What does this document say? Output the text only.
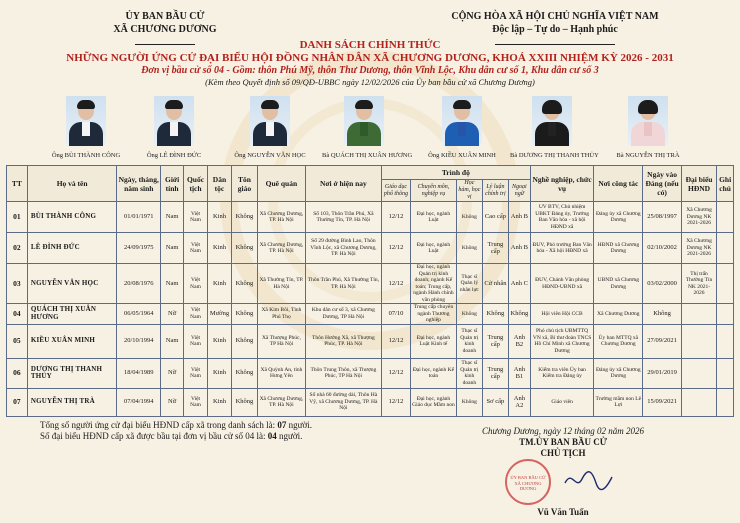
ỦY BAN BẦU CỬ
XÃ CHƯƠNG DƯƠNG
CỘNG HÒA XÃ HỘI CHỦ NGHĨA VIỆT NAM
Độc lập – Tự do – Hạnh phúc
DANH SÁCH CHÍNH THỨC
NHỮNG NGƯỜI ỨNG CỬ ĐẠI BIỂU HỘI ĐỒNG NHÂN DÂN XÃ CHƯƠNG DƯƠNG, KHOÁ XXIII NHIỆM KỲ 2026 - 2031
Đơn vị bầu cử số 04 - Gồm: thôn Phú Mỹ, thôn Thư Dương, thôn Vĩnh Lộc, Khu dân cư số 1, Khu dân cư số 3
(Kèm theo Quyết định số 09/QĐ-UBBC ngày 12/02/2026 của Ủy ban bầu cử xã Chương Dương)
Ông BÙI THÀNH CÔNG	Ông LÊ ĐÌNH ĐỨC	Ông NGUYỄN VĂN HỌC	Bà QUÁCH THỊ XUÂN HƯƠNG	Ông KIỀU XUÂN MINH	Bà DƯƠNG THỊ THANH THỦY	Bà NGUYỄN THỊ TRÀ
TT	Họ và tên	Ngày, tháng, năm sinh	Giới tính	Quốc tịch	Dân tộc	Tôn giáo	Quê quán	Nơi ở hiện nay	Trình độ					Nghề nghiệp, chức vụ	Nơi công tác	Ngày vào Đảng (nếu có)	Đại biểu HĐND	Ghi chú
									Giáo dục phổ thông	Chuyên môn, nghiệp vụ	Học hàm, học vị	Lý luận chính trị	Ngoại ngữ					
01	BÙI THÀNH CÔNG	01/01/1971	Nam	Việt Nam	Kinh	Không	Xã Chương Dương, TP. Hà Nội	Số 103, Thôn Trần Phú, Xã Thường Tín, TP. Hà Nội	12/12	Đại học, ngành Luật	Không	Cao cấp	Anh B	UV BTV, Chủ nhiệm UBKT Đảng ủy, Trưởng Ban Văn hóa - xã hội HĐND xã	Đảng ủy xã Chương Dương	25/08/1997	Xã Chương Dương NK 2021-2026	
02	LÊ ĐÌNH ĐỨC	24/09/1975	Nam	Việt Nam	Kinh	Không	Xã Chương Dương, TP. Hà Nội	Số 29 đường Bình Lao, Thôn Vĩnh Lộc, xã Chương Dương, TP. Hà Nội	12/12	Đại học, ngành Luật	Không	Trung cấp	Anh B	ĐUV, Phó trưởng Ban Văn hóa - Xã hội HĐND xã	HĐND xã Chương Dương	02/10/2002	Xã Chương Dương NK 2021-2026	
03	NGUYỄN VĂN HỌC	20/08/1976	Nam	Việt Nam	Kinh	Không	Xã Thường Tín, TP. Hà Nội	Thôn Trần Phú, Xã Thường Tín, TP. Hà Nội	12/12	Đại học, ngành Quản trị kinh doanh; ngành Kế toán; Trung cấp, ngành Hành chính văn phòng	Thạc sĩ Quản lý nhân lực	Cử nhân	Anh C	ĐUV, Chánh Văn phòng HĐND-UBND xã	UBND xã Chương Dương	03/02/2000	Thị trấn Thường Tín NK 2021-2026	
04	QUÁCH THỊ XUÂN HƯƠNG	06/05/1964	Nữ	Việt Nam	Mường	Không	Xã Kim Bôi, Tỉnh Phú Thọ	Khu dân cư số 3, xã Chương Dương, TP Hà Nội	07/10	Trung cấp chuyên ngành Thương nghiệp	Không	Không	Không	Hội viên Hội CCB	Xã Chương Dương	Không		
05	KIỀU XUÂN MINH	20/10/1994	Nam	Việt Nam	Kinh	Không	Xã Thượng Phúc, TP Hà Nội	Thôn Hưởng Xã, xã Thượng Phúc, TP. Hà Nội	12/12	Đại học, ngành Luật Kinh tế	Thạc sĩ Quản trị kinh doanh	Trung cấp	Anh B2	Phó chủ tịch UBMTTQ VN xã, Bí thư đoàn TNCS Hồ Chí Minh xã Chương Dương	Ủy ban MTTQ xã Chương Dương	27/09/2021		
06	DƯƠNG THỊ THANH THỦY	18/04/1989	Nữ	Việt Nam	Kinh	Không	Xã Quỳnh An, tỉnh Hưng Yên	Thôn Trung Thôn, xã Thượng Phúc, TP Hà Nội	12/12	Đại học, ngành Kế toán	Thạc sĩ Quản trị kinh doanh	Trung cấp	Anh B1	Kiểm tra viên Ủy ban Kiểm tra Đảng ủy	Đảng ủy xã Chương Dương	29/01/2019		
07	NGUYỄN THỊ TRÀ	07/04/1994	Nữ	Việt Nam	Kinh	Không	Xã Chương Dương, TP. Hà Nội	Số nhà 60 đường dài, Thôn Hà Vỹ, xã Chương Dương, TP. Hà Nội	12/12	Đại học, ngành Giáo dục Mầm non	Không	Sơ cấp	Anh A2	Giáo viên	Trường mầm non Lê Lợi	15/09/2021		
Tổng số người ứng cử đại biểu HĐND cấp xã trong danh sách là: 07 người.
Số đại biểu HĐND cấp xã được bầu tại đơn vị bầu cử số 04 là: 04 người.	Chương Dương, ngày 12 tháng 02 năm 2026
TM.ỦY BAN BẦU CỬ
CHỦ TỊCH
ỦY BAN BẦU CỬ XÃ CHƯƠNG DƯƠNG
Vũ Văn Tuấn
